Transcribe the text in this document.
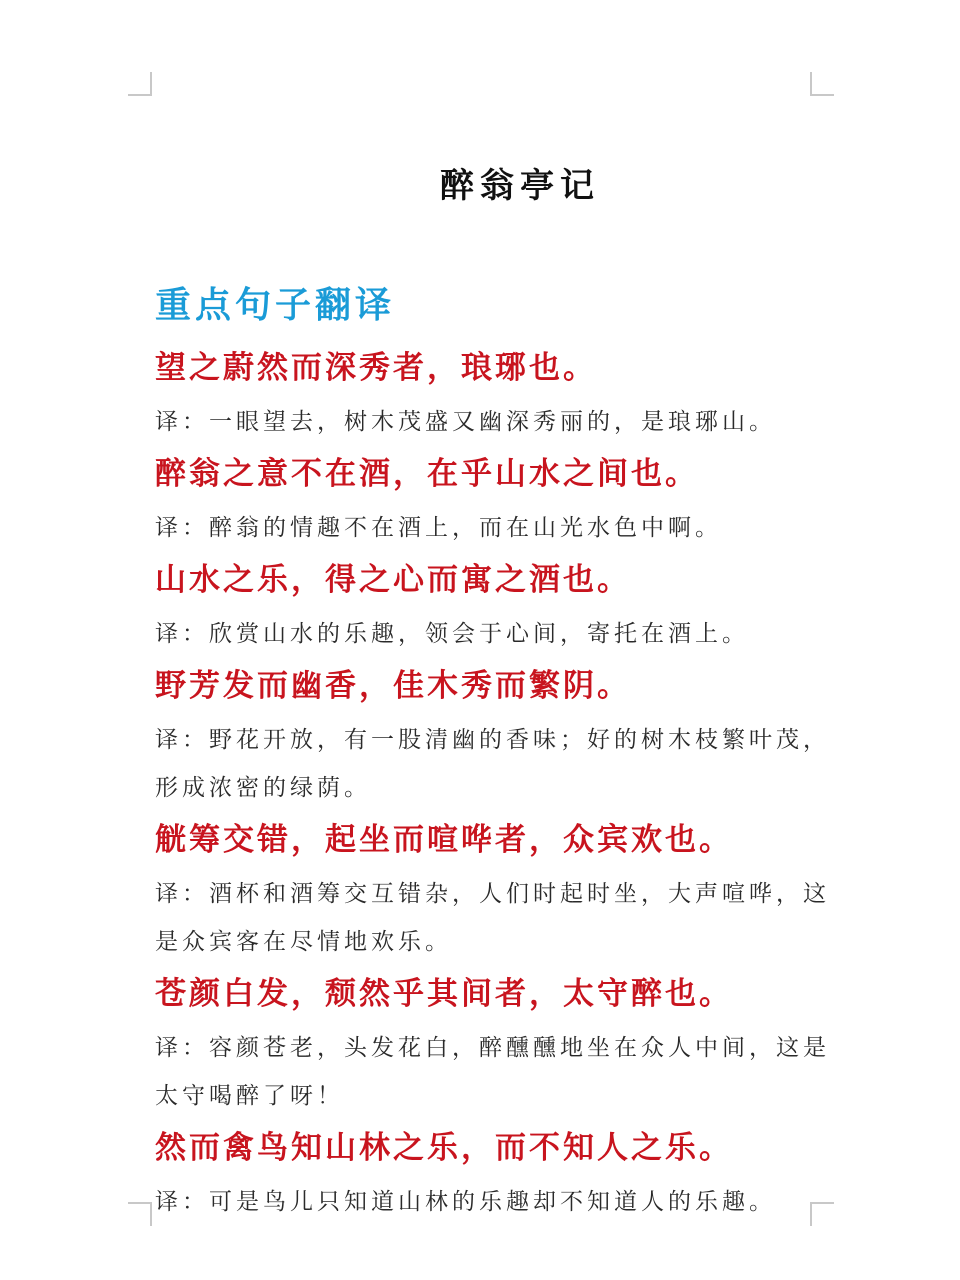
醉翁亭记
重点句子翻译
望之蔚然而深秀者，琅琊也。
译：一眼望去，树木茂盛又幽深秀丽的，是琅琊山。
醉翁之意不在酒，在乎山水之间也。
译：醉翁的情趣不在酒上，而在山光水色中啊。
山水之乐，得之心而寓之酒也。
译：欣赏山水的乐趣，领会于心间，寄托在酒上。
野芳发而幽香，佳木秀而繁阴。
译：野花开放，有一股清幽的香味；好的树木枝繁叶茂，形成浓密的绿荫。
觥筹交错，起坐而喧哗者，众宾欢也。
译：酒杯和酒筹交互错杂，人们时起时坐，大声喧哗，这是众宾客在尽情地欢乐。
苍颜白发，颓然乎其间者，太守醉也。
译：容颜苍老，头发花白，醉醺醺地坐在众人中间，这是太守喝醉了呀！
然而禽鸟知山林之乐，而不知人之乐。
译：可是鸟儿只知道山林的乐趣却不知道人的乐趣。
